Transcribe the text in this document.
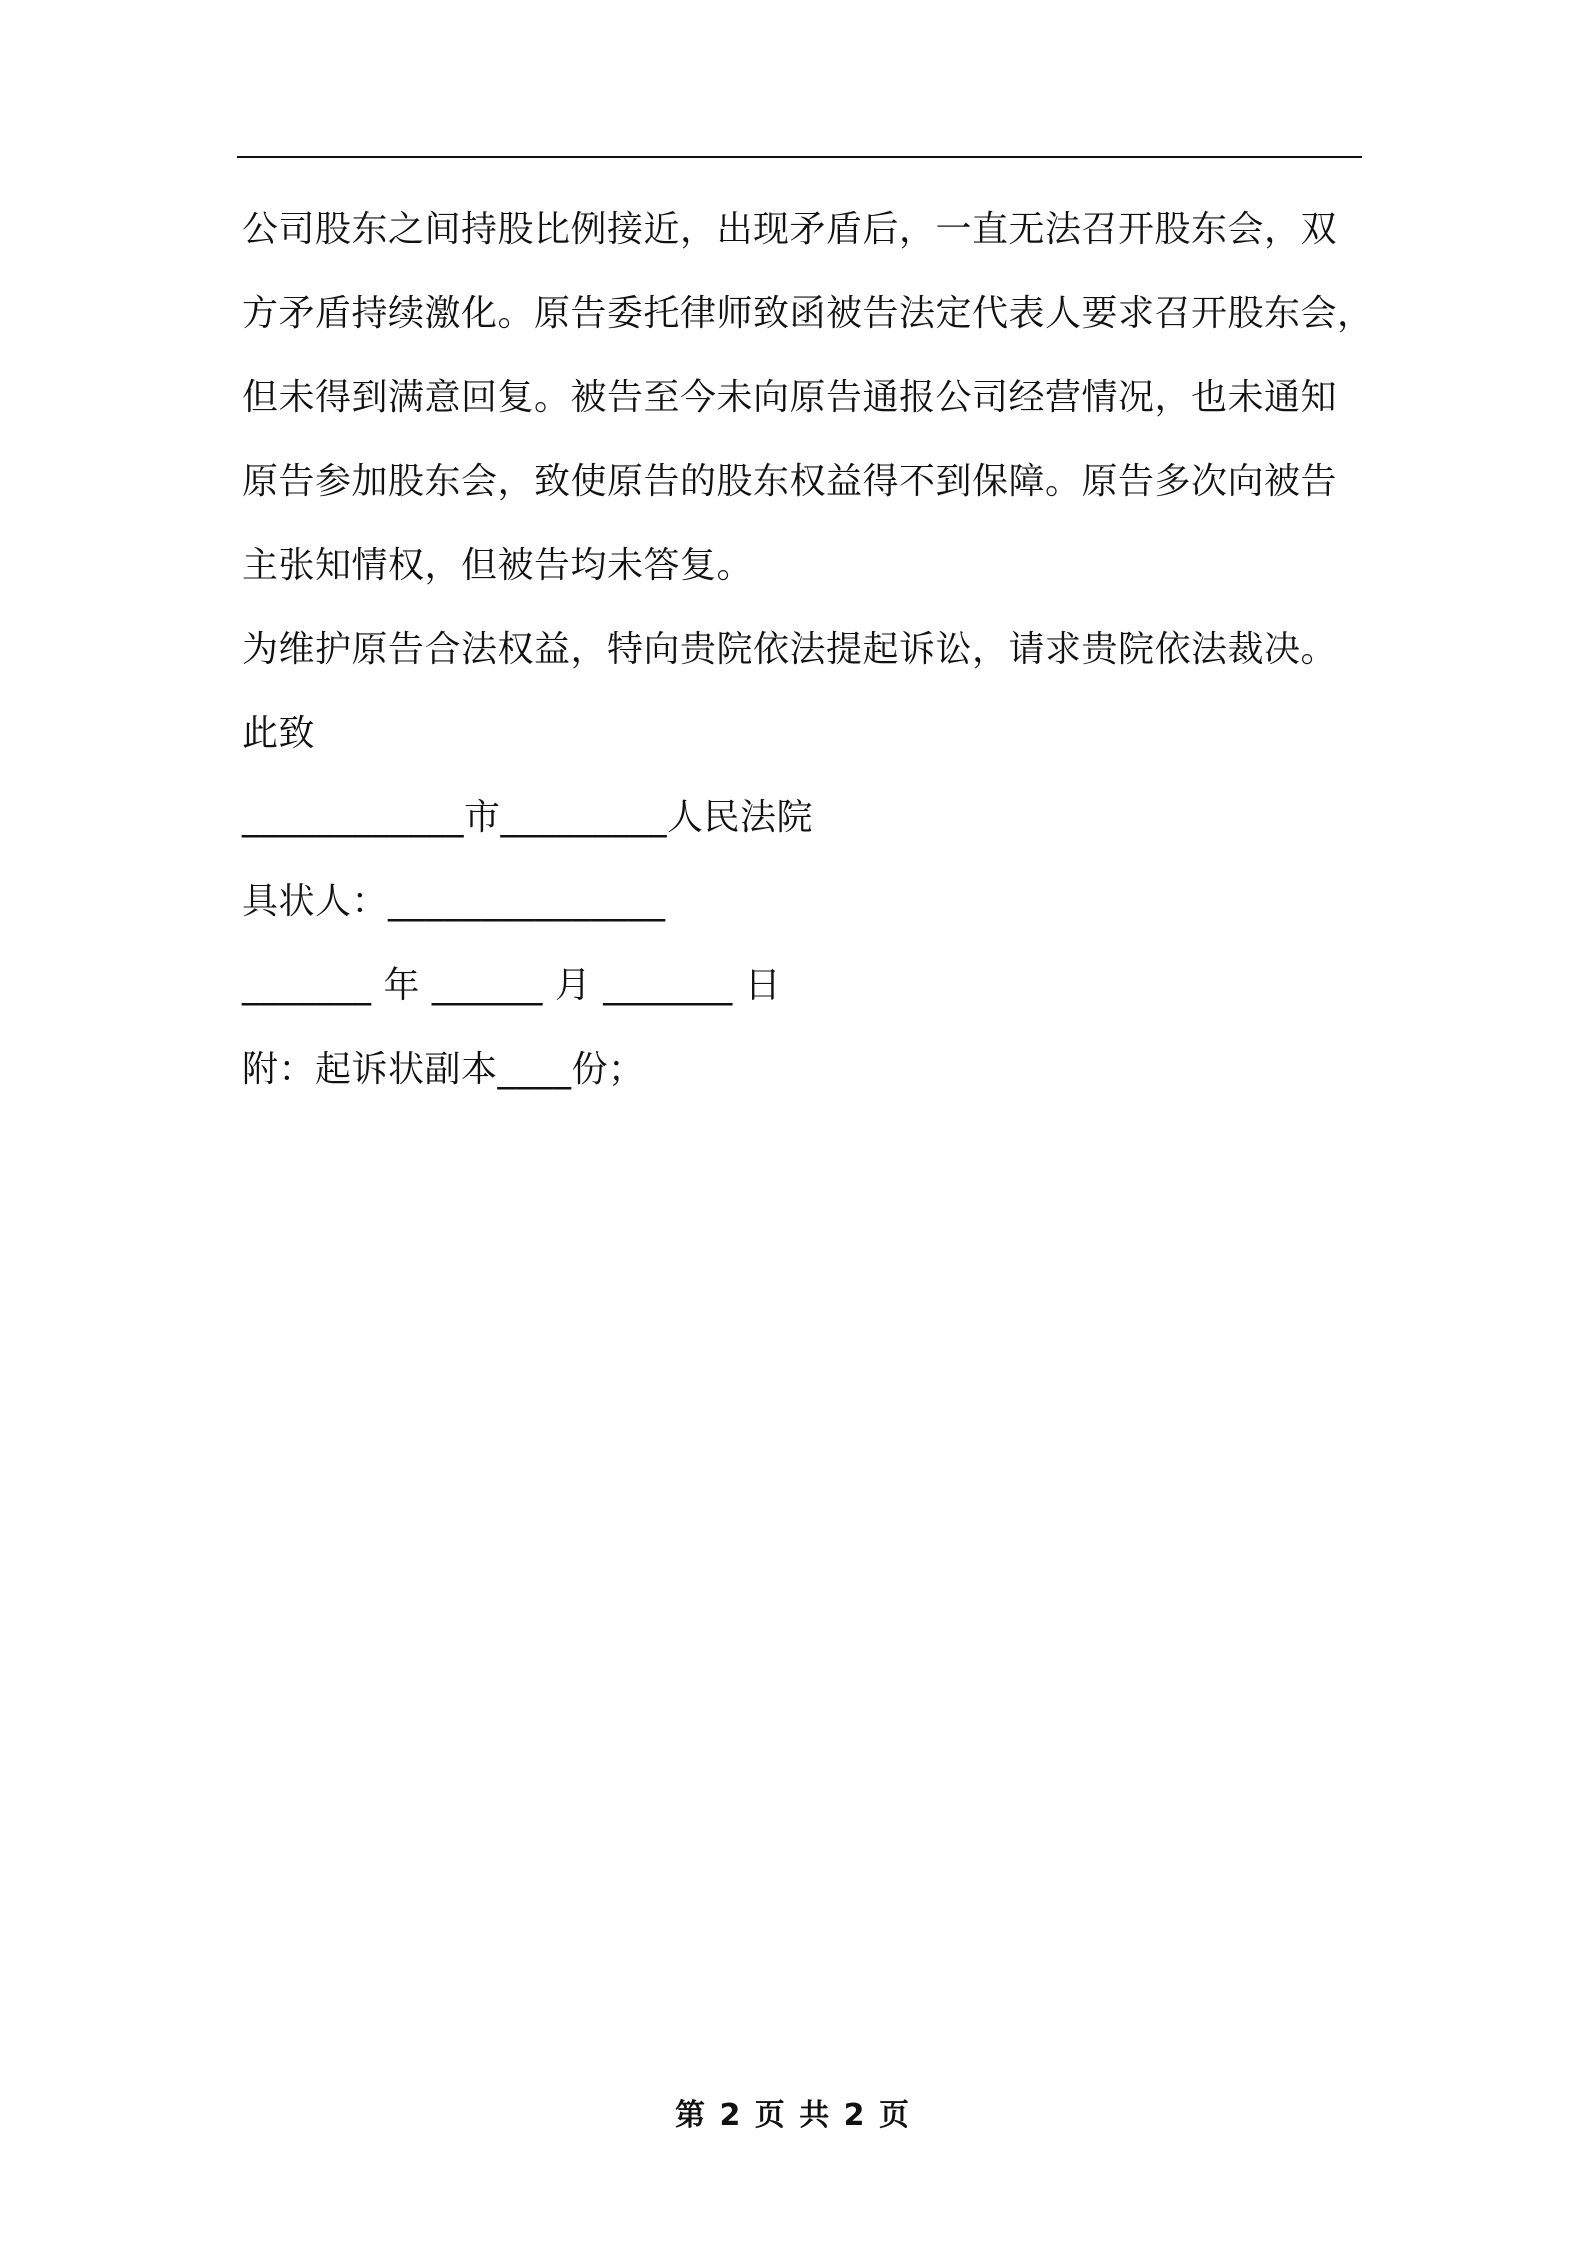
公司股东之间持股比例接近，出现矛盾后，一直无法召开股东会，双
方矛盾持续激化。原告委托律师致函被告法定代表人要求召开股东会，
但未得到满意回复。被告至今未向原告通报公司经营情况，也未通知
原告参加股东会，致使原告的股东权益得不到保障。原告多次向被告
主张知情权，但被告均未答复。
为维护原告合法权益，特向贵院依法提起诉讼，请求贵院依法裁决。
此致
____________市_________人民法院
具状人：_______________
_______ 年 ______ 月 _______ 日
附：起诉状副本____份；
第 2 页 共 2 页
